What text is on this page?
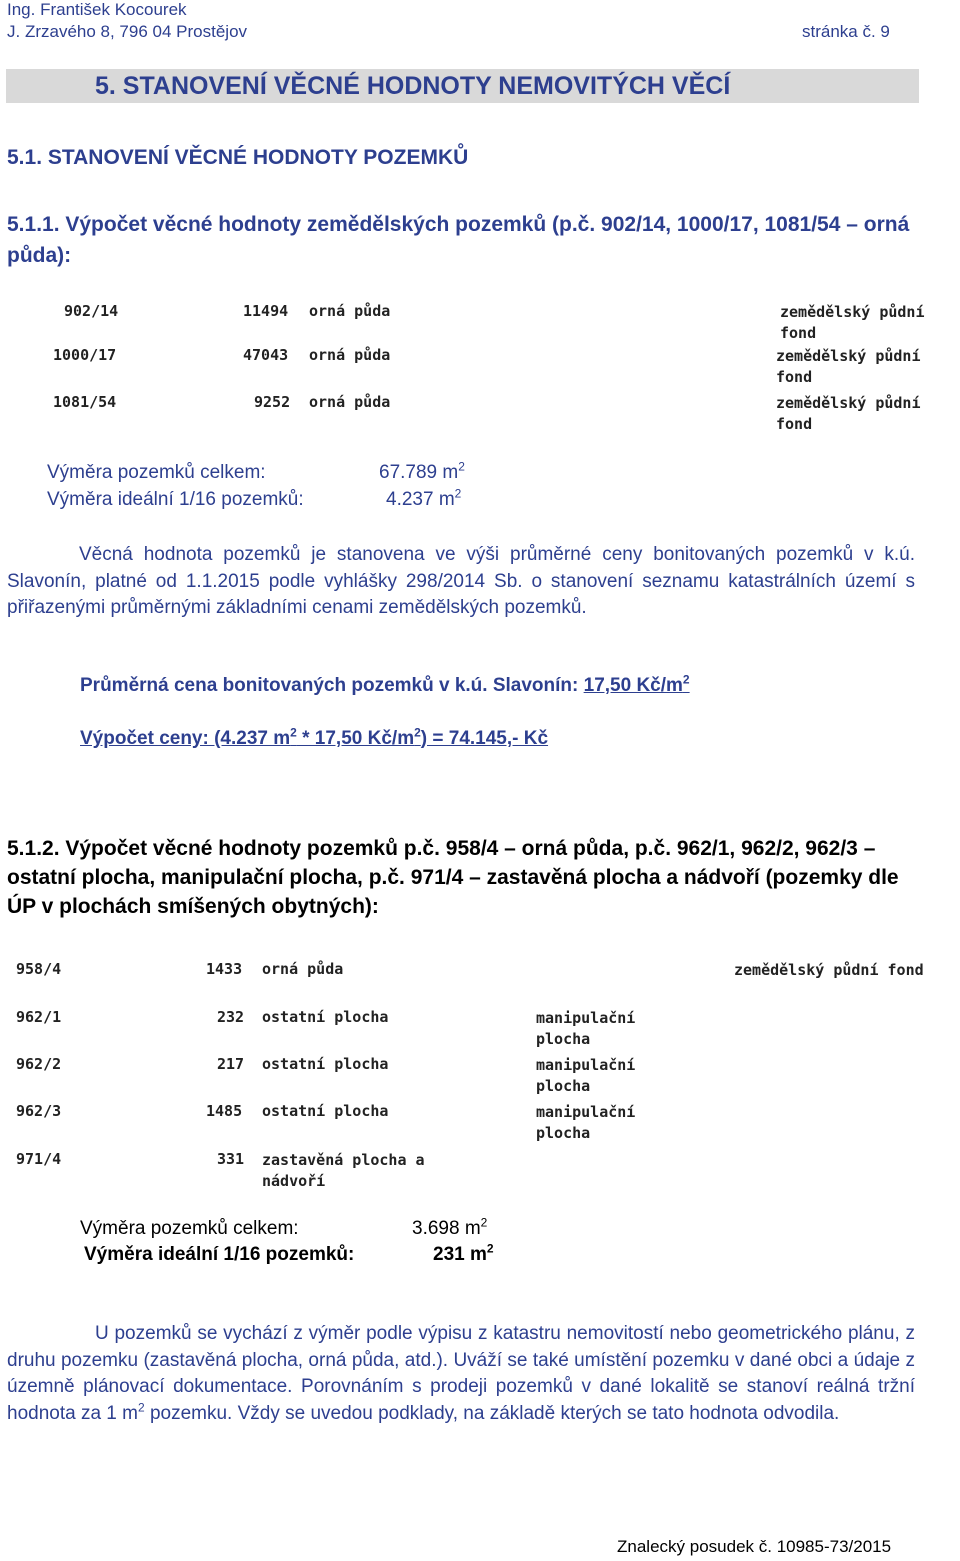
Ing. František Kocourek
J. Zrzavého 8, 796 04 Prostějov	stránka č. 9
5. STANOVENÍ VĚCNÉ HODNOTY NEMOVITÝCH VĚCÍ
5.1. STANOVENÍ VĚCNÉ HODNOTY POZEMKŮ
5.1.1. Výpočet věcné hodnoty zemědělských pozemků (p.č. 902/14, 1000/17, 1081/54 – orná půda):
902/14	11494 orná půda	zemědělský půdní fond
1000/17	47043 orná půda	zemědělský půdní fond
1081/54	9252 orná půda	zemědělský půdní fond
Výměra pozemků celkem:	67.789 $m^2$
Výměra ideální 1/16 pozemků:	4.237 $m^2$
Věcná hodnota pozemků je stanovena ve výši průměrné ceny bonitovaných pozemků v k.ú. Slavonín, platné od 1.1.2015 podle vyhlášky 298/2014 Sb. o stanovení seznamu katastrálních území s přiřazenými průměrnými základními cenami zemědělských pozemků.
Průměrná cena bonitovaných pozemků v k.ú. Slavonín: 17,50 $Kč/m^2$
Výpočet ceny: (4.237 $m^2 * 17,50$ $Kč/m^2) = 74.145,-$ Kč
5.1.2. Výpočet věcné hodnoty pozemků p.č. 958/4 – orná půda, p.č. 962/1, 962/2, 962/3 – ostatní plocha, manipulační plocha, p.č. 971/4 – zastavěná plocha a nádvoří (pozemky dle ÚP v plochách smíšených obytných):
958/4	1433 orná půda	zemědělský půdní fond
962/1	232 ostatní plocha	manipulační plocha
962/2	217 ostatní plocha	manipulační plocha
962/3	1485 ostatní plocha	manipulační plocha
971/4	331 zastavěná plocha a nádvoří
Výměra pozemků celkem:	3.698 $m^2$
Výměra ideální 1/16 pozemků:	231 $m^2$
U pozemků se vychází z výměr podle výpisu z katastru nemovitostí nebo geometrického plánu, z druhu pozemku (zastavěná plocha, orná půda, atd.). Uváží se také umístění pozemku v dané obci a údaje z územně plánovací dokumentace. Porovnáním s prodeji pozemků v dané lokalitě se stanoví reálná tržní hodnota za 1 $m^2$ pozemku. Vždy se uvedou podklady, na základě kterých se tato hodnota odvodila.
Znalecký posudek č. 10985-73/2015
